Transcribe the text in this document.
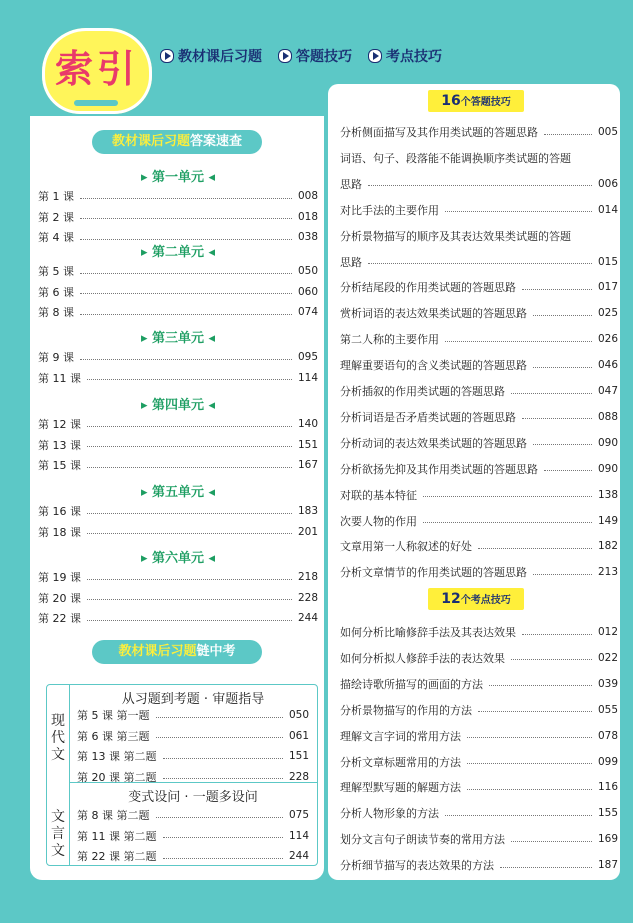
索引	教材课后习题 答题技巧 考点技巧
教材课后习题答案速查
▸ 第一单元 ◂
第 1 课	008
第 2 课	018
第 4 课	038
▸ 第二单元 ◂
第 5 课	050
第 6 课	060
第 8 课	074
▸ 第三单元 ◂
第 9 课	095
第 11 课	114
▸ 第四单元 ◂
第 12 课	140
第 13 课	151
第 15 课	167
▸ 第五单元 ◂
第 16 课	183
第 18 课	201
▸ 第六单元 ◂
第 19 课	218
第 20 课	228
第 22 课	244
教材课后习题链中考
现代文
文言文
从习题到考题 · 审题指导
变式设问 · 一题多设问
第 5 课 第一题	050
第 6 课 第三题	061
第 13 课 第二题	151
第 20 课 第二题	228
第 8 课 第二题	075
第 11 课 第二题	114
第 22 课 第二题	244
16个答题技巧
分析侧面描写及其作用类试题的答题思路	005
词语、句子、段落能不能调换顺序类试题的答题
思路	006
对比手法的主要作用	014
分析景物描写的顺序及其表达效果类试题的答题
思路	015
分析结尾段的作用类试题的答题思路	017
赏析词语的表达效果类试题的答题思路	025
第二人称的主要作用	026
理解重要语句的含义类试题的答题思路	046
分析插叙的作用类试题的答题思路	047
分析词语是否矛盾类试题的答题思路	088
分析动词的表达效果类试题的答题思路	090
分析欲扬先抑及其作用类试题的答题思路	090
对联的基本特征	138
次要人物的作用	149
文章用第一人称叙述的好处	182
分析文章情节的作用类试题的答题思路	213
12个考点技巧
如何分析比喻修辞手法及其表达效果	012
如何分析拟人修辞手法的表达效果	022
描绘诗歌所描写的画面的方法	039
分析景物描写的作用的方法	055
理解文言字词的常用方法	078
分析文章标题常用的方法	099
理解型默写题的解题方法	116
分析人物形象的方法	155
划分文言句子朗读节奏的常用方法	169
分析细节描写的表达效果的方法	187
